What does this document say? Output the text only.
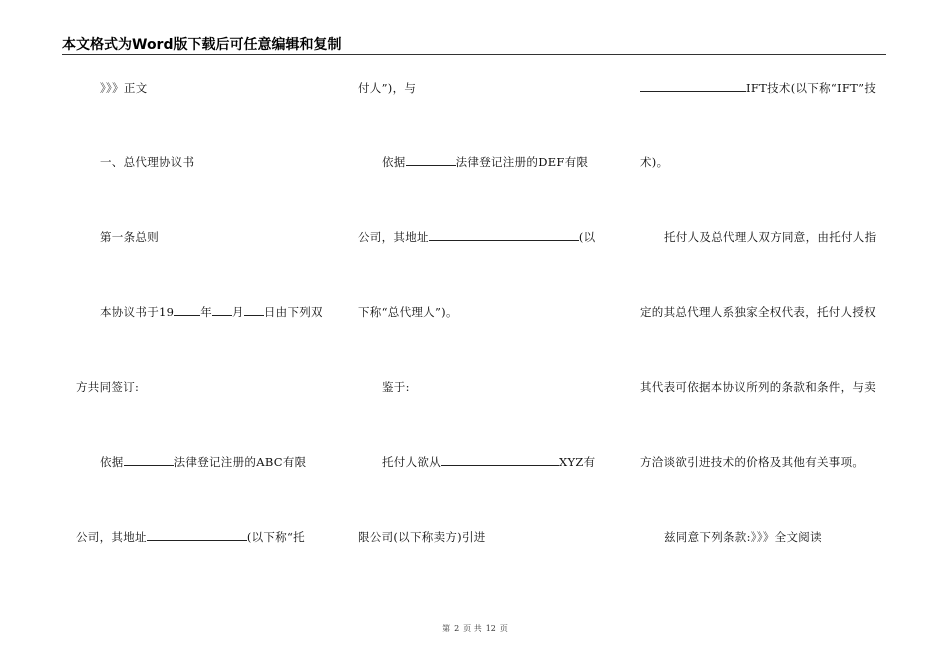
本文格式为Word版下载后可任意编辑和复制
》》》正文
一、总代理协议书
第一条总则
本协议书于19 年 月 日由下列双
方共同签订:
依据	法律登记注册的ABC有限
公司，其地址	(以下称“托
付人”)，与
依据	法律登记注册的DEF有限
公司，其地址	(以
下称“总代理人”)。
鉴于:
托付人欲从	XYZ有
限公司(以下称卖方)引进
IFT技术(以下称“IFT”技
术)。
托付人及总代理人双方同意，由托付人指
定的其总代理人系独家全权代表，托付人授权
其代表可依据本协议所列的条款和条件，与卖
方洽谈欲引进技术的价格及其他有关事项。
兹同意下列条款:》》》全文阅读
第 2 页 共 12 页
